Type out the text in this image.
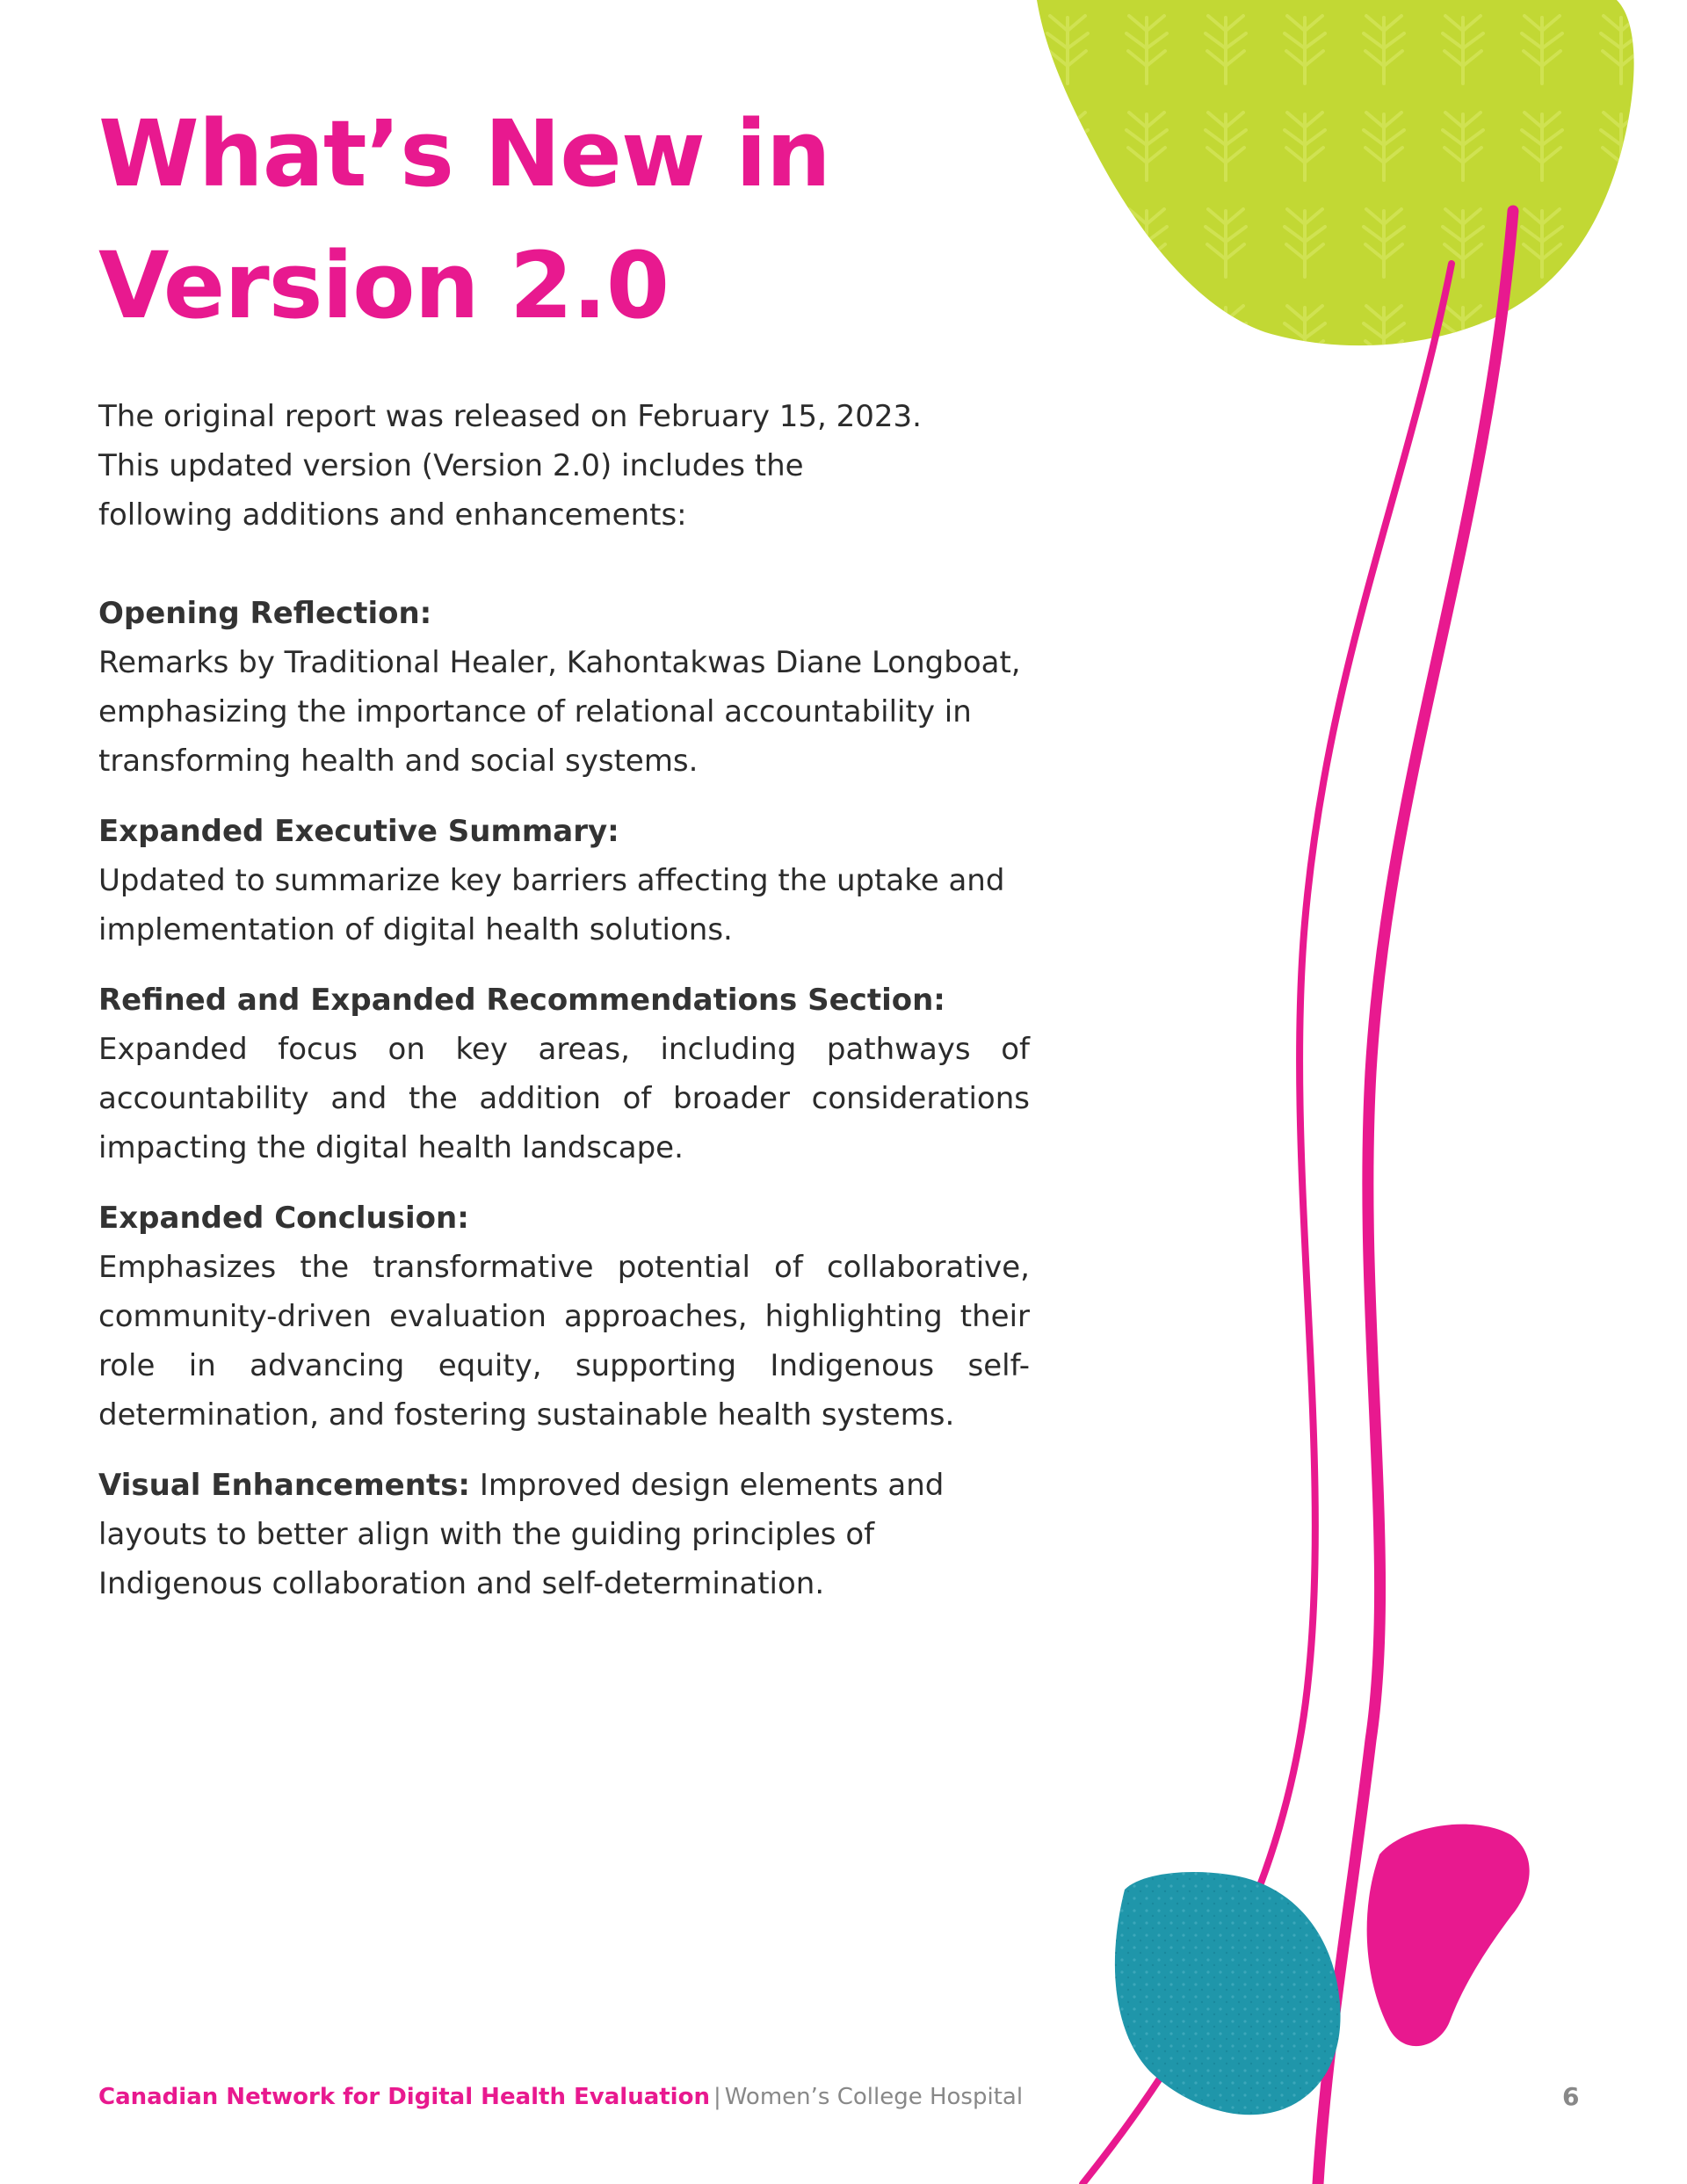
What’s New in
Version 2.0

The original report was released on February 15, 2023.
This updated version (Version 2.0) includes the
following additions and enhancements:

Opening Reflection:

Remarks by Traditional Healer, Kahontakwas Diane Longboat, emphasizing the importance of relational accountability in transforming health and social systems.

Expanded Executive Summary:

Updated to summarize key barriers affecting the uptake and implementation of digital health solutions.

Refined and Expanded Recommendations Section:

Expanded focus on key areas, including pathways of accountability and the addition of broader considerations impacting the digital health landscape.

Expanded Conclusion:

Emphasizes the transformative potential of collaborative, community-driven evaluation approaches, highlighting their role in advancing equity, supporting Indigenous self-determination, and fostering sustainable health systems.

Visual Enhancements: Improved design elements and layouts to better align with the guiding principles of Indigenous collaboration and self-determination.

Canadian Network for Digital Health Evaluation | Women’s College Hospital	6
